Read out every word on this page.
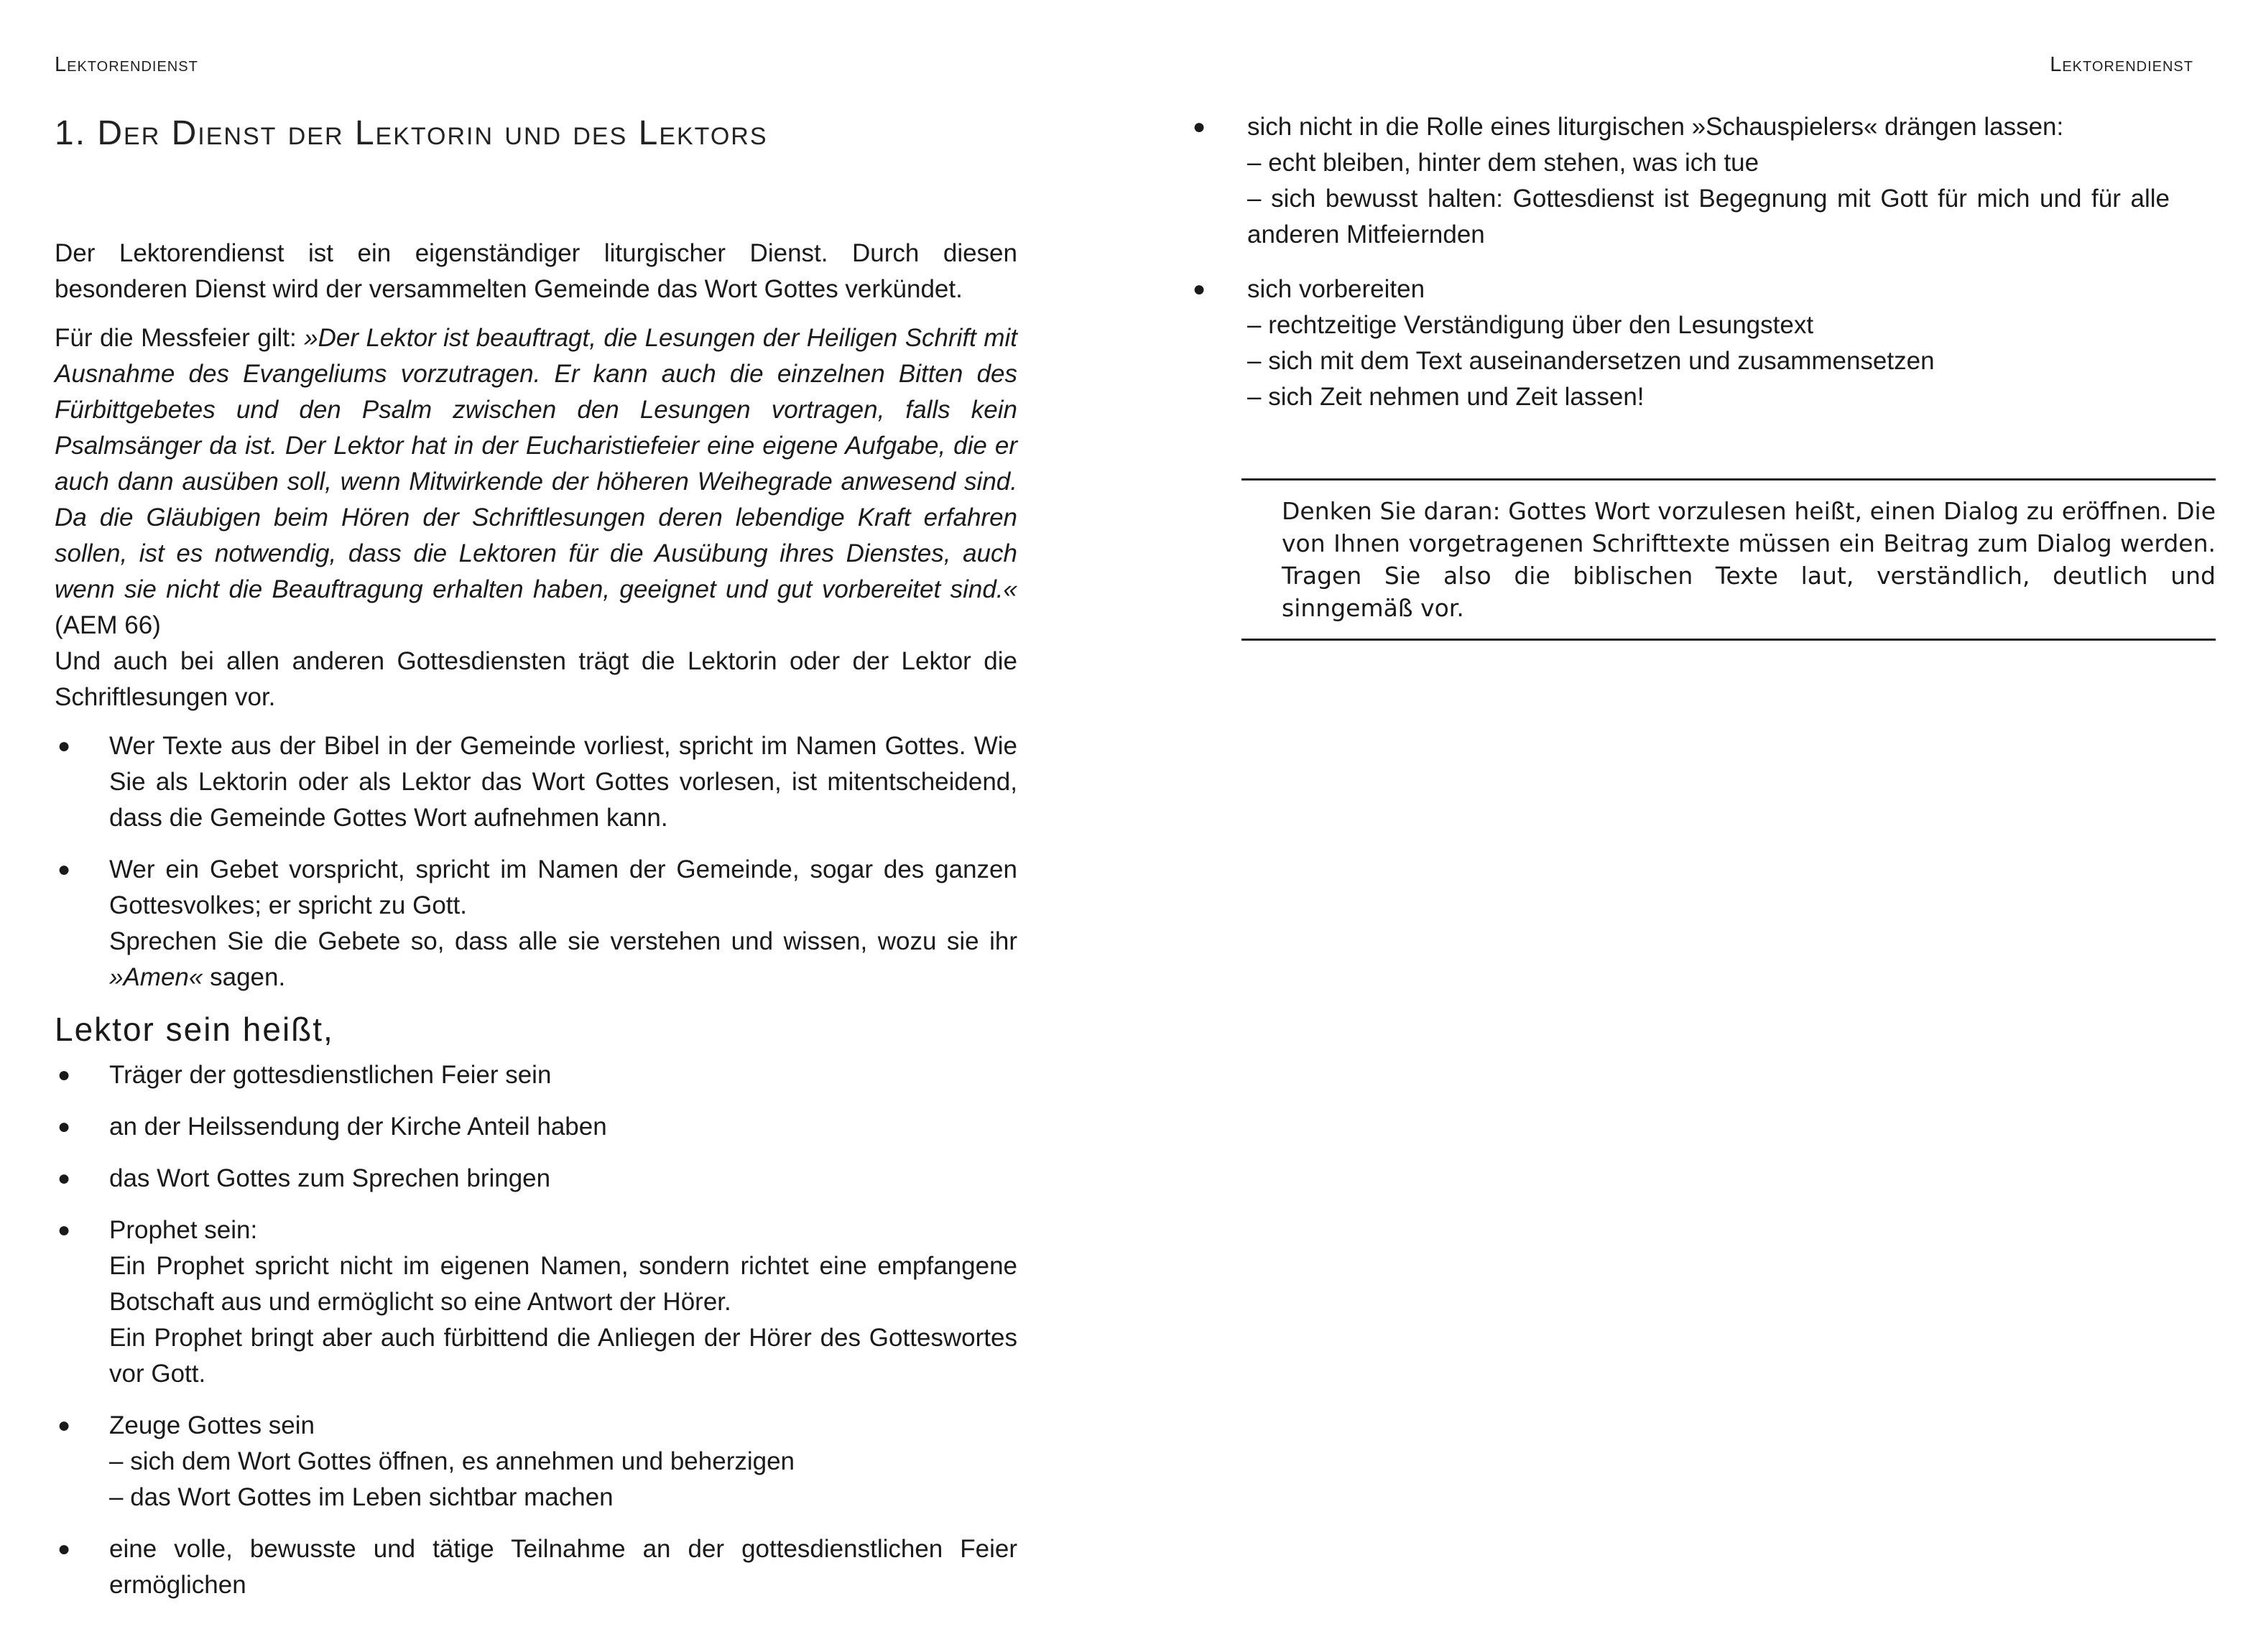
Lektorendienst
1. Der Dienst der Lektorin und des Lektors

Der Lektorendienst ist ein eigenständiger liturgischer Dienst. Durch diesen besonderen Dienst wird der versammelten Gemeinde das Wort Gottes verkündet.

Für die Messfeier gilt: »Der Lektor ist beauftragt, die Lesungen der Heiligen Schrift mit Ausnahme des Evangeliums vorzutragen. Er kann auch die einzelnen Bitten des Fürbittgebetes und den Psalm zwischen den Lesungen vortragen, falls kein Psalmsänger da ist. Der Lektor hat in der Eucharistiefeier eine eigene Aufgabe, die er auch dann ausüben soll, wenn Mitwirkende der höheren Weihegrade anwesend sind. Da die Gläubigen beim Hören der Schriftlesungen deren lebendige Kraft erfahren sollen, ist es notwendig, dass die Lektoren für die Ausübung ihres Dienstes, auch wenn sie nicht die Beauftragung erhalten haben, geeignet und gut vorbereitet sind.« (AEM 66)
Und auch bei allen anderen Gottesdiensten trägt die Lektorin oder der Lektor die Schriftlesungen vor.

● Wer Texte aus der Bibel in der Gemeinde vorliest, spricht im Namen Gottes. Wie Sie als Lektorin oder als Lektor das Wort Gottes vorlesen, ist mitentscheidend, dass die Gemeinde Gottes Wort aufnehmen kann.
● Wer ein Gebet vorspricht, spricht im Namen der Gemeinde, sogar des ganzen Gottesvolkes; er spricht zu Gott.
Sprechen Sie die Gebete so, dass alle sie verstehen und wissen, wozu sie ihr »Amen« sagen.
Lektor sein heißt,
● Träger der gottesdienstlichen Feier sein
● an der Heilssendung der Kirche Anteil haben
● das Wort Gottes zum Sprechen bringen
● Prophet sein:
Ein Prophet spricht nicht im eigenen Namen, sondern richtet eine empfangene Botschaft aus und ermöglicht so eine Antwort der Hörer.
Ein Prophet bringt aber auch fürbittend die Anliegen der Hörer des Gotteswortes vor Gott.
● Zeuge Gottes sein
– sich dem Wort Gottes öffnen, es annehmen und beherzigen
– das Wort Gottes im Leben sichtbar machen
● eine volle, bewusste und tätige Teilnahme an der gottesdienstlichen Feier ermöglichen
Lektorendienst
● sich nicht in die Rolle eines liturgischen »Schauspielers« drängen lassen:
– echt bleiben, hinter dem stehen, was ich tue
– sich bewusst halten: Gottesdienst ist Begegnung mit Gott für mich und für alle anderen Mitfeiernden
● sich vorbereiten
– rechtzeitige Verständigung über den Lesungstext
– sich mit dem Text auseinandersetzen und zusammensetzen
– sich Zeit nehmen und Zeit lassen!
Denken Sie daran: Gottes Wort vorzulesen heißt, einen Dialog zu eröffnen. Die von Ihnen vorgetragenen Schrifttexte müssen ein Beitrag zum Dialog werden. Tragen Sie also die biblischen Texte laut, verständlich, deutlich und sinngemäß vor.
